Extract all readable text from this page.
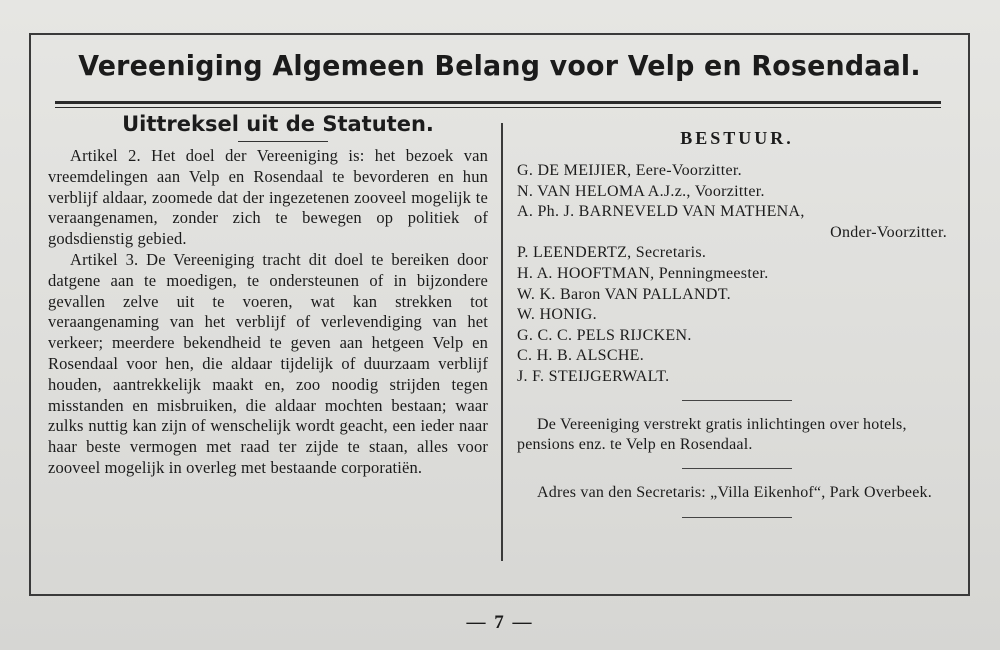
Vereeniging Algemeen Belang voor Velp en Rosendaal.
Uittreksel uit de Statuten.

Artikel 2. Het doel der Vereeniging is: het bezoek van vreemdelingen aan Velp en Rosendaal te bevorderen en hun verblijf aldaar, zoomede dat der ingezetenen zooveel mogelijk te veraangenamen, zonder zich te bewegen op politiek of godsdienstig gebied.

Artikel 3. De Vereeniging tracht dit doel te bereiken door datgene aan te moedigen, te ondersteunen of in bijzondere gevallen zelve uit te voeren, wat kan strekken tot veraangenaming van het verblijf of verlevendiging van het verkeer; meerdere bekendheid te geven aan hetgeen Velp en Rosendaal voor hen, die aldaar tijdelijk of duurzaam verblijf houden, aantrekkelijk maakt en, zoo noodig strijden tegen misstanden en misbruiken, die aldaar mochten bestaan; waar zulks nuttig kan zijn of wenschelijk wordt geacht, een ieder naar haar beste vermogen met raad ter zijde te staan, alles voor zooveel mogelijk in overleg met bestaande corporatiën.

BESTUUR.
G. DE MEIJIER, Eere-Voorzitter.
N. VAN HELOMA A.J.z., Voorzitter.
A. Ph. J. BARNEVELD VAN MATHENA,
Onder-Voorzitter.
P. LEENDERTZ, Secretaris.
H. A. HOOFTMAN, Penningmeester.
W. K. Baron VAN PALLANDT.
W. HONIG.
G. C. C. PELS RIJCKEN.
C. H. B. ALSCHE.
J. F. STEIJGERWALT.

De Vereeniging verstrekt gratis inlichtingen over hotels, pensions enz. te Velp en Rosendaal.

Adres van den Secretaris: „Villa Eikenhof“, Park Overbeek.

— 7 —
